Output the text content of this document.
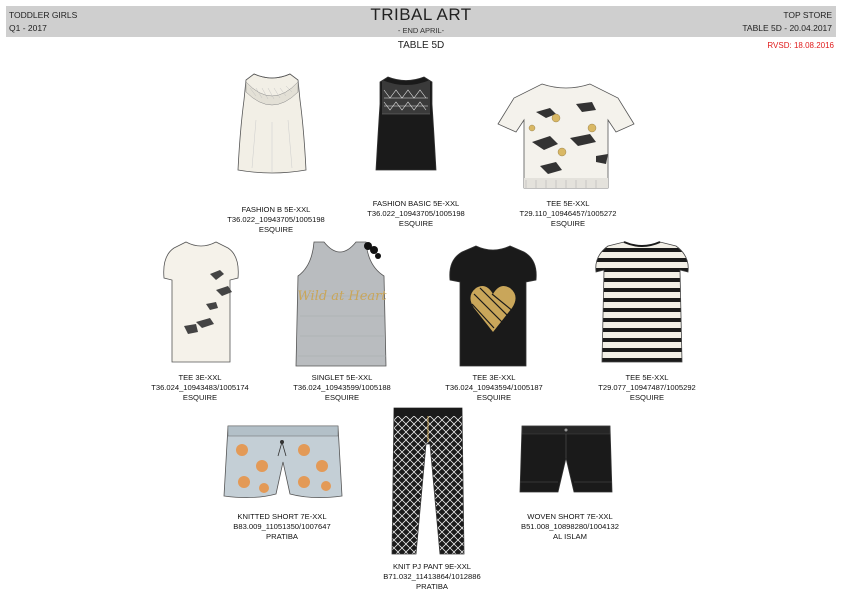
TODDLER GIRLS
Q1 - 2017
TRIBAL ART
- END APRIL-
TOP STORE
TABLE 5D - 20.04.2017
TABLE 5D	RVSD: 18.08.2016
Wild at Heart
FASHION B 5E-XXL
T36.022_10943705/1005198
ESQUIRE
FASHION BASIC 5E-XXL
T36.022_10943705/1005198
ESQUIRE
TEE 5E-XXL
T29.110_10946457/1005272
ESQUIRE
TEE 3E-XXL
T36.024_10943483/1005174
ESQUIRE
SINGLET 5E-XXL
T36.024_10943599/1005188
ESQUIRE
TEE 3E-XXL
T36.024_10943594/1005187
ESQUIRE
TEE 5E-XXL
T29.077_10947487/1005292
ESQUIRE
KNITTED SHORT 7E-XXL
B83.009_11051350/1007647
PRATIBA
KNIT PJ PANT 9E-XXL
B71.032_11413864/1012886
PRATIBA
WOVEN SHORT 7E-XXL
B51.008_10898280/1004132
AL ISLAM
